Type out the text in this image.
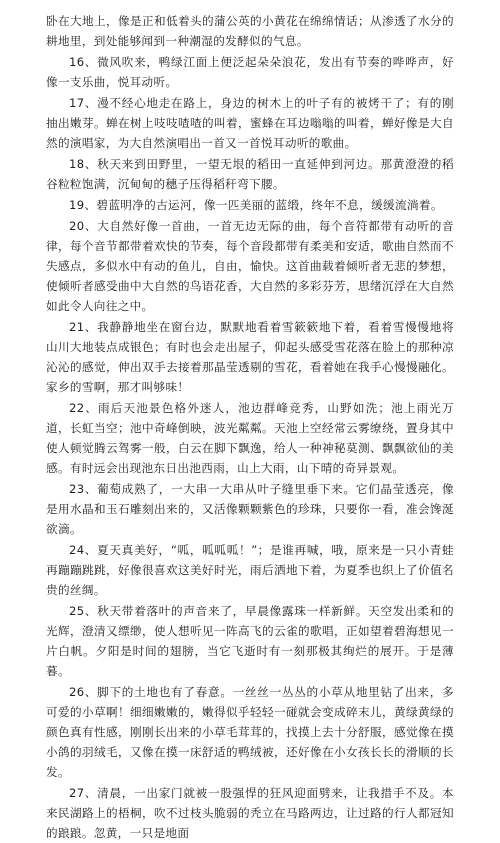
卧在大地上，像是正和低着头的蒲公英的小黄花在绵绵情话；从渗透了水分的耕地里，到处能够闻到一种潮湿的发酵似的气息。

16、微风吹来，鸭绿江面上便泛起朵朵浪花，发出有节奏的哗哗声，好像一支乐曲，悦耳动听。

17、漫不经心地走在路上，身边的树木上的叶子有的被烤干了；有的刚抽出嫩芽。蝉在树上吱吱喳喳的叫着，蜜蜂在耳边嗡嗡的叫着，蝉好像是大自然的演唱家，为大自然演唱出一首又一首悦耳动听的歌曲。

18、秋天来到田野里，一望无垠的稻田一直延伸到河边。那黄澄澄的稻谷粒粒饱满，沉甸甸的穗子压得稻秆弯下腰。

19、碧蓝明净的古运河，像一匹美丽的蓝缎，终年不息，缓缓流淌着。

20、大自然好像一首曲，一首无边无际的曲，每个音符都带有动听的音律，每个音节都带着欢快的节奏，每个音段都带有柔美和安适，歌曲自然而不失感点，多似水中有动的鱼儿，自由，愉快。这首曲载着倾听者无悲的梦想，使倾听者感受曲中大自然的鸟语花香，大自然的多彩芬芳，思绪沉浮在大自然如此令人向往之中。

21、我静静地坐在窗台边，默默地看着雪簌簌地下着，看着雪慢慢地将山川大地装点成银色；有时也会走出屋子，仰起头感受雪花落在脸上的那种凉沁沁的感觉，伸出双手去接着那晶莹透剔的雪花，看着她在我手心慢慢融化。家乡的雪啊，那才叫够味！

22、雨后天池景色格外迷人，池边群峰竞秀，山野如洗；池上雨光万道，长虹当空；池中奇峰倒映，波光粼粼。天池上空经常云雾缭绕，置身其中使人顿觉腾云驾雾一般，白云在脚下飘逸，给人一种神秘莫测、飘飘欲仙的美感。有时远会出现池东日出池西雨，山上大雨，山下晴的奇异景观。

23、葡萄成熟了，一大串一大串从叶子缝里垂下来。它们晶莹透亮，像是用水晶和玉石雕刻出来的，又活像颗颗紫色的珍珠，只要你一看，准会馋涎欲滴。

24、夏天真美好，“呱，呱呱呱！”；是谁再喊，哦，原来是一只小青蛙再蹦蹦跳跳，好像很喜欢这美好时光，雨后洒地下着，为夏季也织上了价值名贵的丝绸。

25、秋天带着落叶的声音来了，早晨像露珠一样新鲜。天空发出柔和的光辉，澄清又缥缈，使人想听见一阵高飞的云雀的歌唱，正如望着碧海想见一片白帆。夕阳是时间的翅膀，当它飞逝时有一刻那极其绚烂的展开。于是薄暮。

26、脚下的土地也有了春意。一丝丝一丛丛的小草从地里钻了出来，多可爱的小草啊！细细嫩嫩的，嫩得似乎轻轻一碰就会变成碎末儿，黄绿黄绿的颜色真有性感，刚刚长出来的小草毛茸茸的，找摸上去十分舒服，感觉像在摸小鸽的羽绒毛，又像在摸一床舒适的鸭绒被，还好像在小女孩长长的滑顺的长发。

27、清晨，一出家门就被一股强悍的狂风迎面劈来，让我措手不及。本来民湖路上的梧桐，吹不过枝头脆弱的秃立在马路两边，让过路的行人都冠知的踉踉。忽黄，一只是地面
